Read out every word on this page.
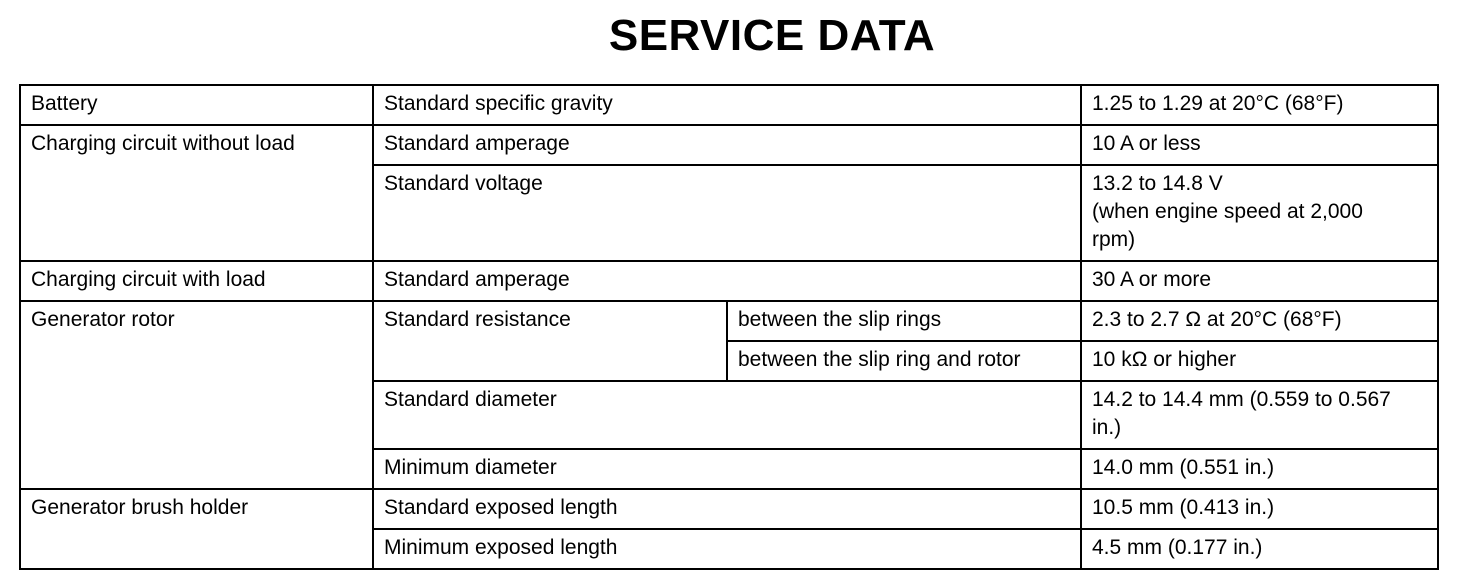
SERVICE DATA
Battery	Standard specific gravity		1.25 to 1.29 at 20°C (68°F)
Charging circuit without load	Standard amperage		10 A or less
	Standard voltage		13.2 to 14.8 V
(when engine speed at 2,000
rpm)
Charging circuit with load	Standard amperage		30 A or more
Generator rotor	Standard resistance	between the slip rings	2.3 to 2.7 Ω at 20°C (68°F)
		between the slip ring and rotor	10 kΩ or higher
	Standard diameter		14.2 to 14.4 mm (0.559 to 0.567
in.)
	Minimum diameter		14.0 mm (0.551 in.)
Generator brush holder	Standard exposed length		10.5 mm (0.413 in.)
	Minimum exposed length		4.5 mm (0.177 in.)
